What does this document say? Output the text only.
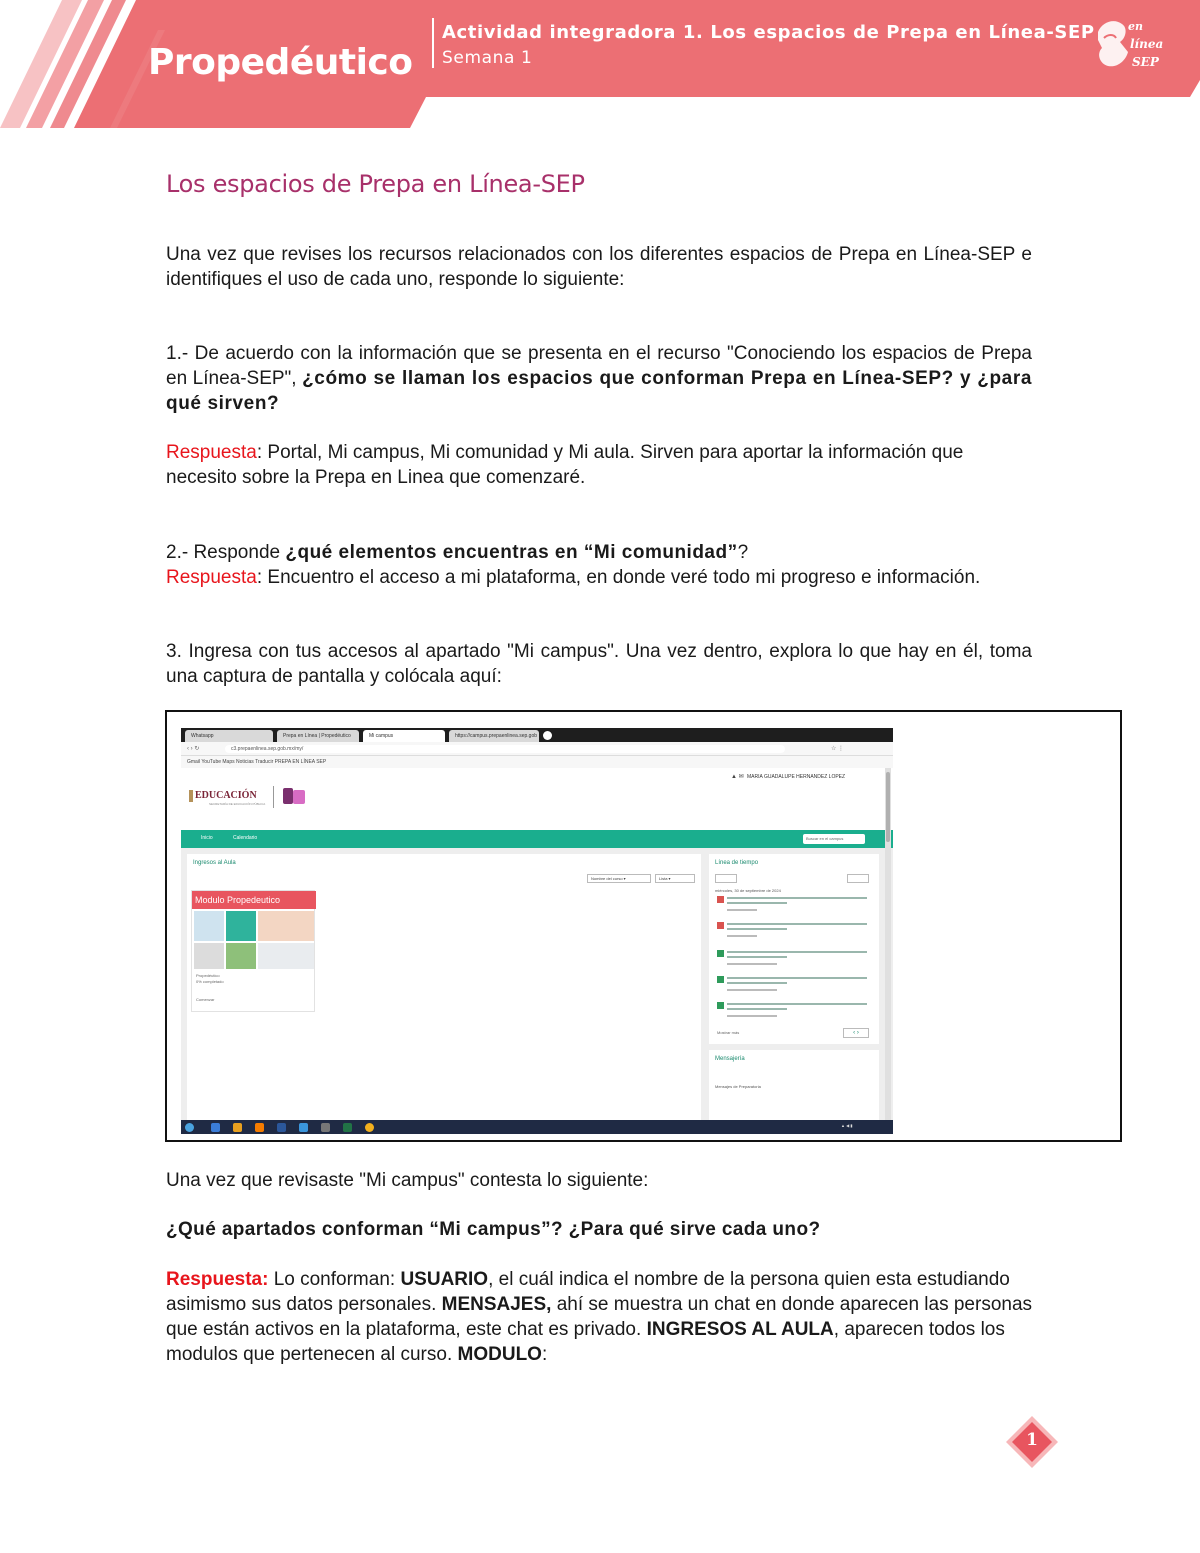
Propedéutico
Actividad integradora 1. Los espacios de Prepa en Línea-SEP
Semana 1
en
línea
SEP
Los espacios de Prepa en Línea-SEP
Una vez que revises los recursos relacionados con los diferentes espacios de Prepa en Línea-SEP e identifiques el uso de cada uno, responde lo siguiente:
1.- De acuerdo con la información que se presenta en el recurso "Conociendo los espacios de Prepa en Línea-SEP", ¿cómo se llaman los espacios que conforman Prepa en Línea-SEP? y ¿para qué sirven?
Respuesta: Portal, Mi campus, Mi comunidad y Mi aula. Sirven para aportar la información que necesito sobre la Prepa en Linea que comenzaré.
2.- Responde ¿qué elementos encuentras en “Mi comunidad”?
Respuesta: Encuentro el acceso a mi plataforma, en donde veré todo mi progreso e información.
3. Ingresa con tus accesos al apartado "Mi campus". Una vez dentro, explora lo que hay en él, toma una captura de pantalla y colócala aquí:
Whatsapp	Prepa en Línea | Propedéutico	Mi campus	https://campus.prepaenlinea.sep.gob
‹ › ↻	c3.prepaenlinea.sep.gob.mx/my/	☆ ⋮
Gmail YouTube Maps Noticias Traducir PREPA EN LÍNEA SEP
EDUCACIÓN
SECRETARÍA DE EDUCACIÓN PÚBLICA
MARIA GUADALUPE HERNANDEZ LOPEZ
▲ ✉
Inicio	Calendario	Buscar en el campus
Ingresos al Aula
Nombre del curso ▾	Lista ▾
Modulo Propedeutico
Propedéutico
0% completado
Comenzar
Línea de tiempo
miércoles, 30 de septiembre de 2024
Mostrar más	‹ ›
Mensajería
Mensajes de Preparatoria
▲ ◀ ▮
Una vez que revisaste "Mi campus" contesta lo siguiente:
¿Qué apartados conforman “Mi campus”? ¿Para qué sirve cada uno?
Respuesta: Lo conforman: USUARIO, el cuál indica el nombre de la persona quien esta estudiando asimismo sus datos personales. MENSAJES, ahí se muestra un chat en donde aparecen las personas que están activos en la plataforma, este chat es privado. INGRESOS AL AULA, aparecen todos los modulos que pertenecen al curso. MODULO:
1
